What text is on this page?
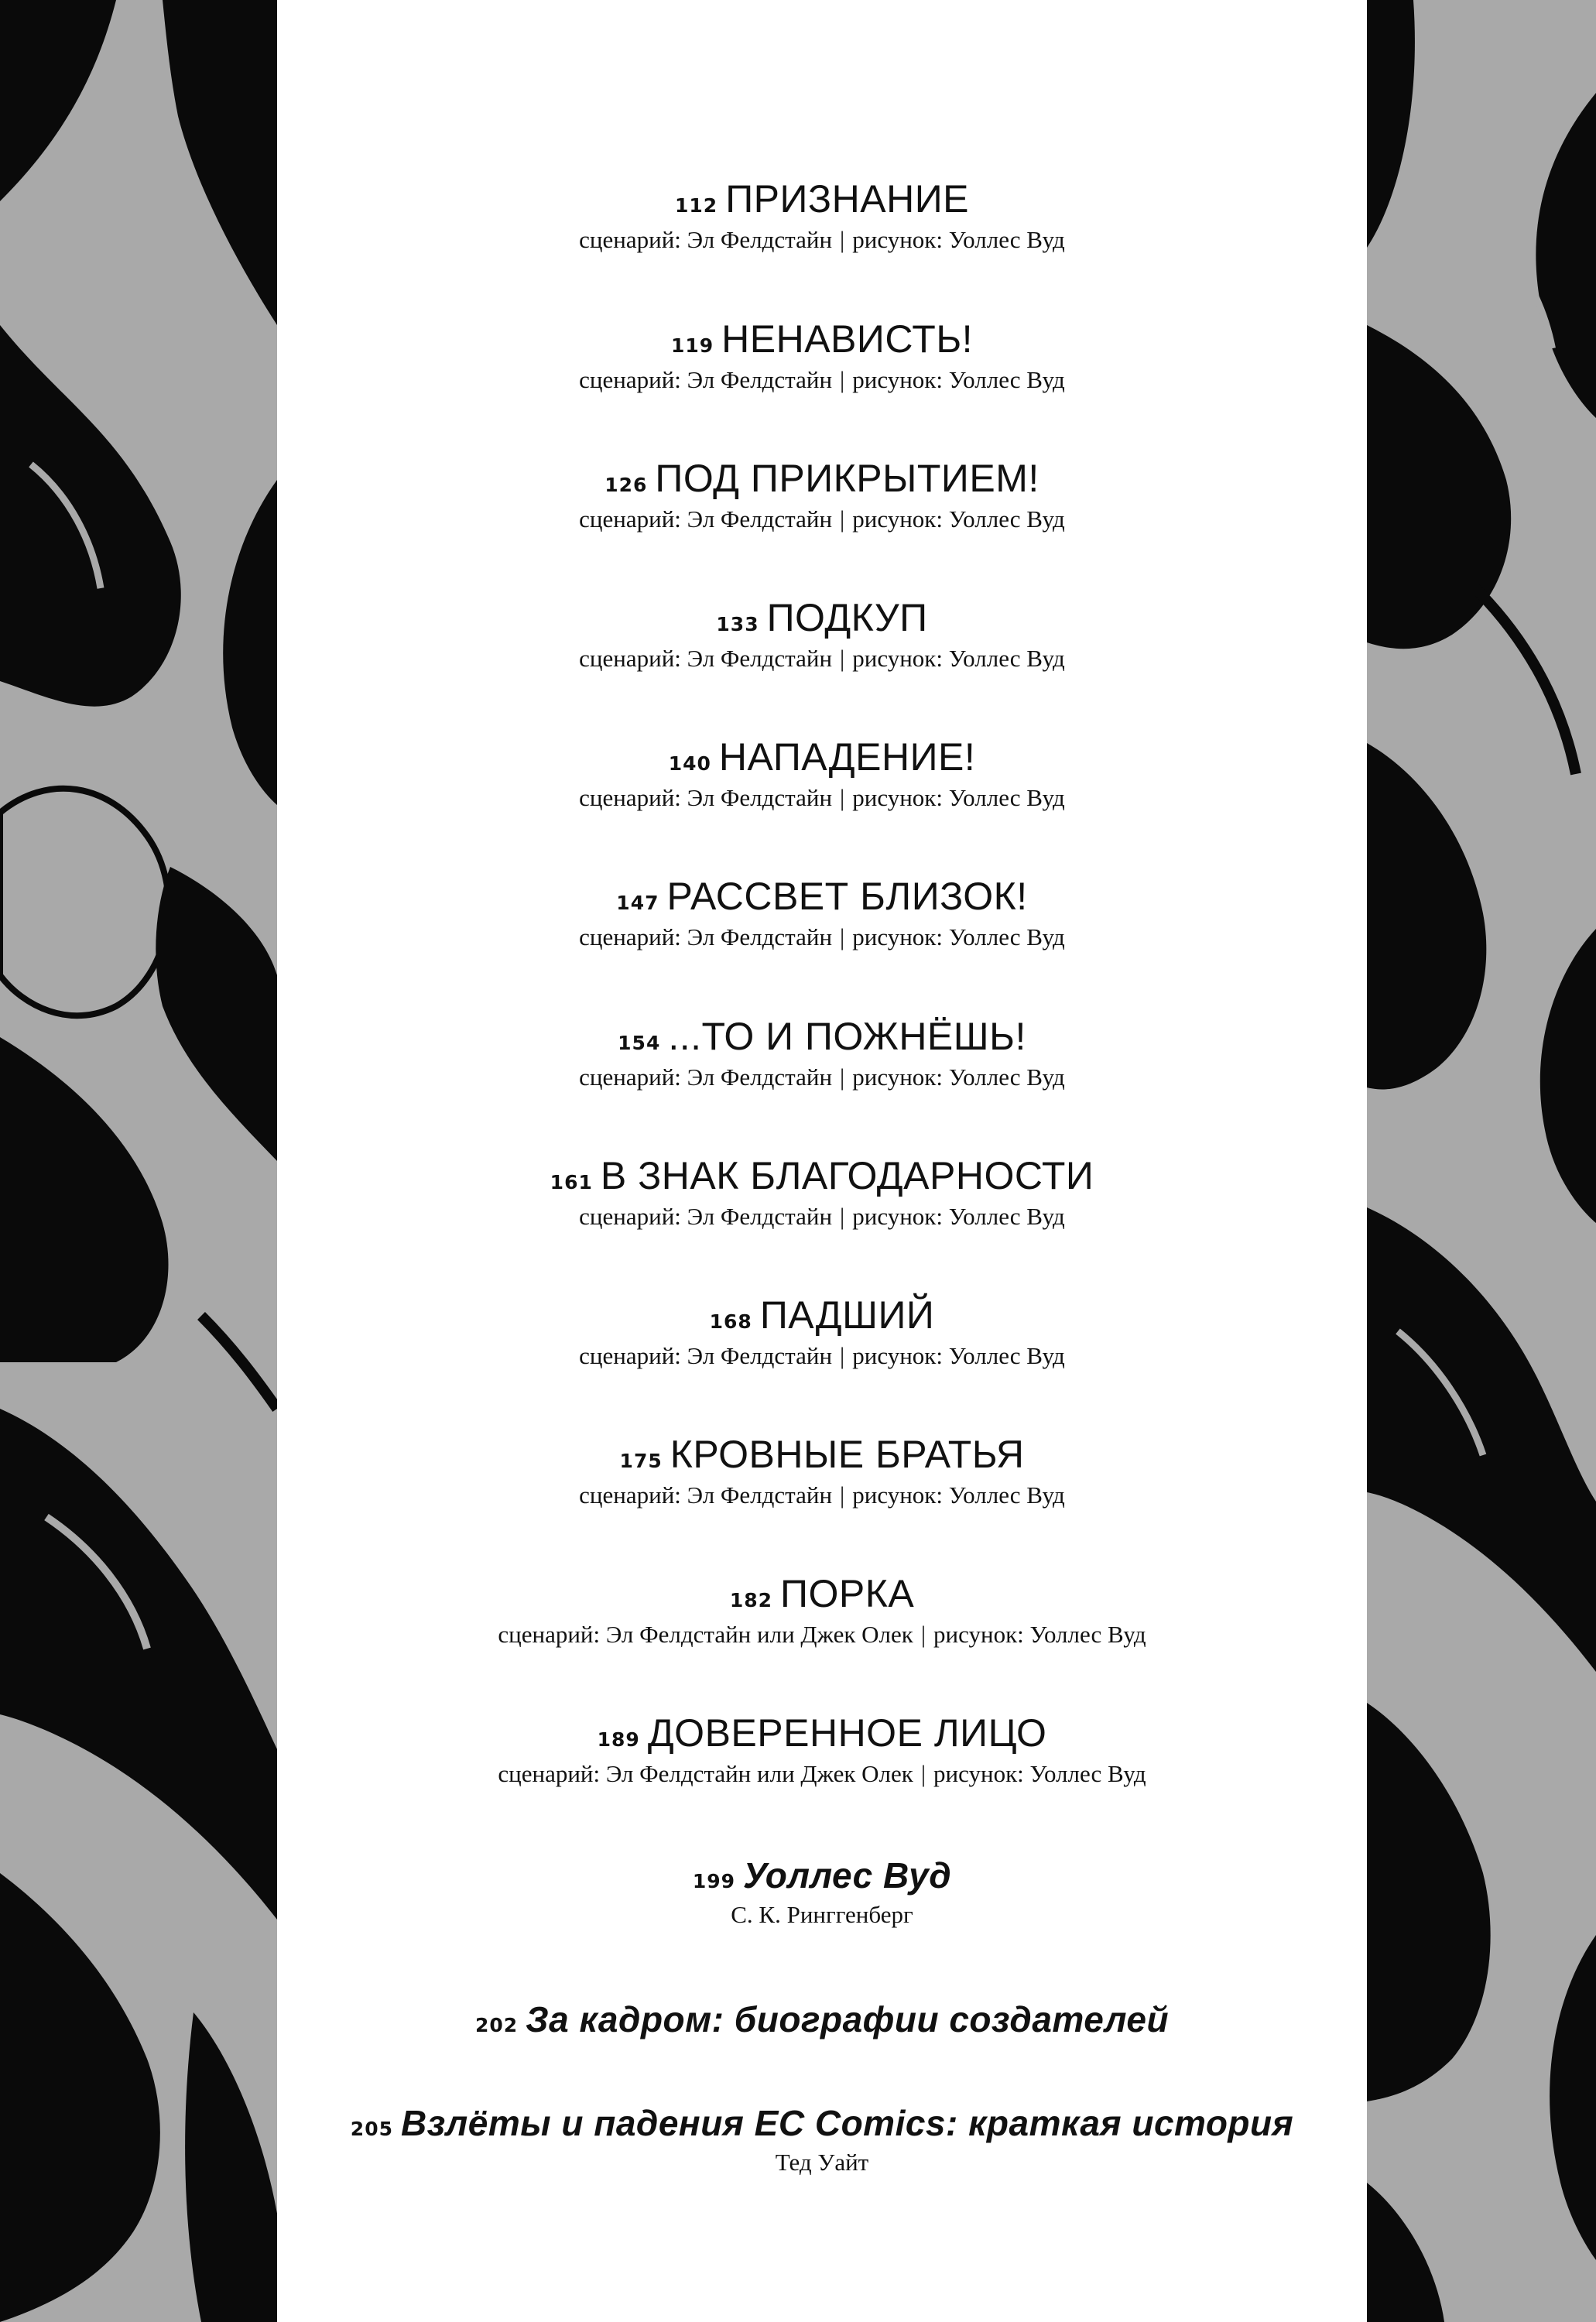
112 ПРИЗНАНИЕ
сценарий: Эл Фелдстайн | рисунок: Уоллес Вуд
119 НЕНАВИСТЬ!
сценарий: Эл Фелдстайн | рисунок: Уоллес Вуд
126 ПОД ПРИКРЫТИЕМ!
сценарий: Эл Фелдстайн | рисунок: Уоллес Вуд
133 ПОДКУП
сценарий: Эл Фелдстайн | рисунок: Уоллес Вуд
140 НАПАДЕНИЕ!
сценарий: Эл Фелдстайн | рисунок: Уоллес Вуд
147 РАССВЕТ БЛИЗОК!
сценарий: Эл Фелдстайн | рисунок: Уоллес Вуд
154 ...ТО И ПОЖНЁШЬ!
сценарий: Эл Фелдстайн | рисунок: Уоллес Вуд
161 В ЗНАК БЛАГОДАРНОСТИ
сценарий: Эл Фелдстайн | рисунок: Уоллес Вуд
168 ПАДШИЙ
сценарий: Эл Фелдстайн | рисунок: Уоллес Вуд
175 КРОВНЫЕ БРАТЬЯ
сценарий: Эл Фелдстайн | рисунок: Уоллес Вуд
182 ПОРКА
сценарий: Эл Фелдстайн или Джек Олек | рисунок: Уоллес Вуд
189 ДОВЕРЕННОЕ ЛИЦО
сценарий: Эл Фелдстайн или Джек Олек | рисунок: Уоллес Вуд
199 Уоллес Вуд
С. К. Ринггенберг
202 За кадром: биографии создателей
205 Взлёты и падения EC Comics: краткая история
Тед Уайт
